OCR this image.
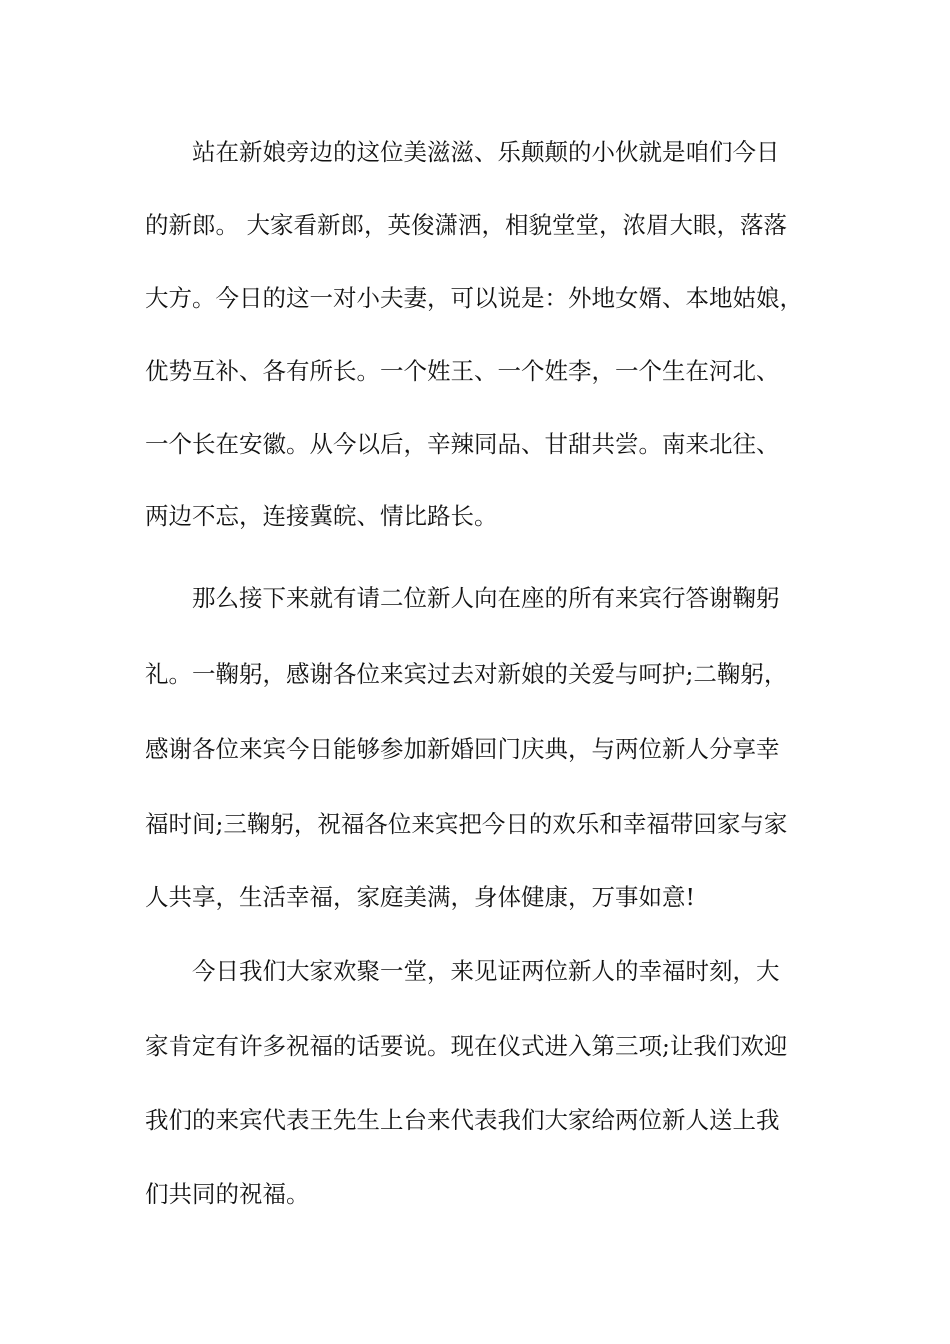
站在新娘旁边的这位美滋滋、乐颠颠的小伙就是咱们今日
的新郎。 大家看新郎，英俊潇洒，相貌堂堂，浓眉大眼，落落
大方。今日的这一对小夫妻，可以说是：外地女婿、本地姑娘，
优势互补、各有所长。一个姓王、一个姓李，一个生在河北、
一个长在安徽。从今以后，辛辣同品、甘甜共尝。南来北往、
两边不忘，连接冀皖、情比路长。
那么接下来就有请二位新人向在座的所有来宾行答谢鞠躬
礼。一鞠躬，感谢各位来宾过去对新娘的关爱与呵护;二鞠躬，
感谢各位来宾今日能够参加新婚回门庆典，与两位新人分享幸
福时间;三鞠躬，祝福各位来宾把今日的欢乐和幸福带回家与家
人共享，生活幸福，家庭美满，身体健康，万事如意!
今日我们大家欢聚一堂，来见证两位新人的幸福时刻，大
家肯定有许多祝福的话要说。现在仪式进入第三项;让我们欢迎
我们的来宾代表王先生上台来代表我们大家给两位新人送上我
们共同的祝福。
